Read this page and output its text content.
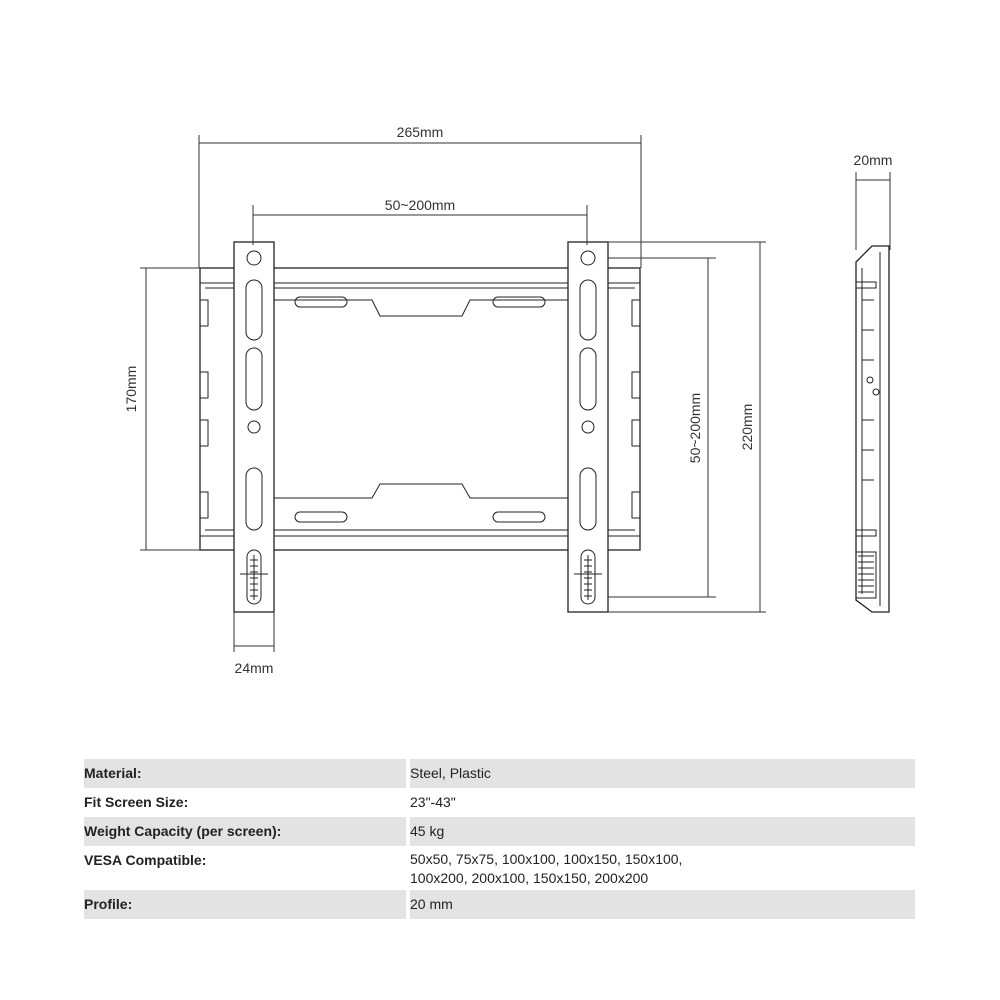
265mm
50~200mm
170mm
50~200mm	220mm
24mm
20mm
Material:		Steel, Plastic
Fit Screen Size:		23"-43"
Weight Capacity (per screen):		45 kg
VESA Compatible:		50x50, 75x75, 100x100, 100x150, 150x100,
100x200, 200x100, 150x150, 200x200

Profile:		20 mm
